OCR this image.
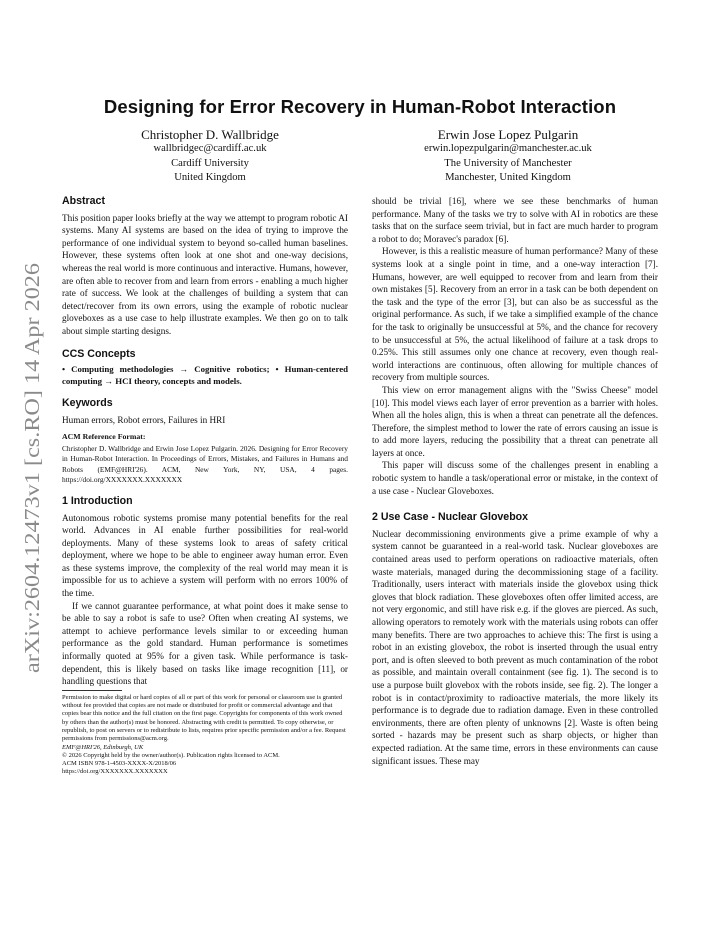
arXiv:2604.12473v1 [cs.RO] 14 Apr 2026
Designing for Error Recovery in Human-Robot Interaction
Christopher D. Wallbridge
wallbridgec@cardiff.ac.uk
Cardiff University
United Kingdom
Erwin Jose Lopez Pulgarin
erwin.lopezpulgarin@manchester.ac.uk
The University of Manchester
Manchester, United Kingdom
Abstract

This position paper looks briefly at the way we attempt to program robotic AI systems. Many AI systems are based on the idea of trying to improve the performance of one individual system to beyond so-called human baselines. However, these systems often look at one shot and one-way decisions, whereas the real world is more continuous and interactive. Humans, however, are often able to recover from and learn from errors - enabling a much higher rate of success. We look at the challenges of building a system that can detect/recover from its own errors, using the example of robotic nuclear gloveboxes as a use case to help illustrate examples. We then go on to talk about simple starting designs.

CCS Concepts

• Computing methodologies → Cognitive robotics; • Human-centered computing → HCI theory, concepts and models.

Keywords

Human errors, Robot errors, Failures in HRI

ACM Reference Format:

Christopher D. Wallbridge and Erwin Jose Lopez Pulgarin. 2026. Designing for Error Recovery in Human-Robot Interaction. In Proceedings of Errors, Mistakes, and Failures in Humans and Robots (EMF@HRI'26). ACM, New York, NY, USA, 4 pages. https://doi.org/XXXXXXX.XXXXXXX

1 Introduction

Autonomous robotic systems promise many potential benefits for the real world. Advances in AI enable further possibilities for real-world deployments. Many of these systems look to areas of safety critical deployment, where we hope to be able to engineer away human error. Even as these systems improve, the complexity of the real world may mean it is impossible for us to achieve a system will perform with no errors 100% of the time.

If we cannot guarantee performance, at what point does it make sense to be able to say a robot is safe to use? Often when creating AI systems, we attempt to achieve performance levels similar to or exceeding human performance as the gold standard. Human performance is sometimes informally quoted at 95% for a given task. While performance is task-dependent, this is likely based on tasks like image recognition [11], or handling questions that

Permission to make digital or hard copies of all or part of this work for personal or classroom use is granted without fee provided that copies are not made or distributed for profit or commercial advantage and that copies bear this notice and the full citation on the first page. Copyrights for components of this work owned by others than the author(s) must be honored. Abstracting with credit is permitted. To copy otherwise, or republish, to post on servers or to redistribute to lists, requires prior specific permission and/or a fee. Request permissions from permissions@acm.org.

EMF@HRI'26, Edinburgh, UK

© 2026 Copyright held by the owner/author(s). Publication rights licensed to ACM.

ACM ISBN 978-1-4503-XXXX-X/2018/06

https://doi.org/XXXXXXX.XXXXXXX

should be trivial [16], where we see these benchmarks of human performance. Many of the tasks we try to solve with AI in robotics are these tasks that on the surface seem trivial, but in fact are much harder to program a robot to do; Moravec's paradox [6].

However, is this a realistic measure of human performance? Many of these systems look at a single point in time, and a one-way interaction [7]. Humans, however, are well equipped to recover from and learn from their own mistakes [5]. Recovery from an error in a task can be both dependent on the task and the type of the error [3], but can also be as successful as the original performance. As such, if we take a simplified example of the chance for the task to originally be unsuccessful at 5%, and the chance for recovery to be unsuccessful at 5%, the actual likelihood of failure at a task drops to 0.25%. This still assumes only one chance at recovery, even though real-world interactions are continuous, often allowing for multiple chances of recovery from multiple sources.

This view on error management aligns with the "Swiss Cheese" model [10]. This model views each layer of error prevention as a barrier with holes. When all the holes align, this is when a threat can penetrate all the defences. Therefore, the simplest method to lower the rate of errors causing an issue is to add more layers, reducing the possibility that a threat can penetrate all layers at once.

This paper will discuss some of the challenges present in enabling a robotic system to handle a task/operational error or mistake, in the context of a use case - Nuclear Gloveboxes.

2 Use Case - Nuclear Glovebox

Nuclear decommissioning environments give a prime example of why a system cannot be guaranteed in a real-world task. Nuclear gloveboxes are contained areas used to perform operations on radioactive materials, often waste materials, managed during the decommissioning stage of a facility. Traditionally, users interact with materials inside the glovebox using thick gloves that block radiation. These gloveboxes often offer limited access, are not very ergonomic, and still have risk e.g. if the gloves are pierced. As such, allowing operators to remotely work with the materials using robots can offer many benefits. There are two approaches to achieve this: The first is using a robot in an existing glovebox, the robot is inserted through the usual entry port, and is often sleeved to both prevent as much contamination of the robot as possible, and maintain overall containment (see fig. 1). The second is to use a purpose built glovebox with the robots inside, see fig. 2). The longer a robot is in contact/proximity to radioactive materials, the more likely its performance is to degrade due to radiation damage. Even in these controlled environments, there are often plenty of unknowns [2]. Waste is often being sorted - hazards may be present such as sharp objects, or higher than expected radiation. At the same time, errors in these environments can cause significant issues. These may
